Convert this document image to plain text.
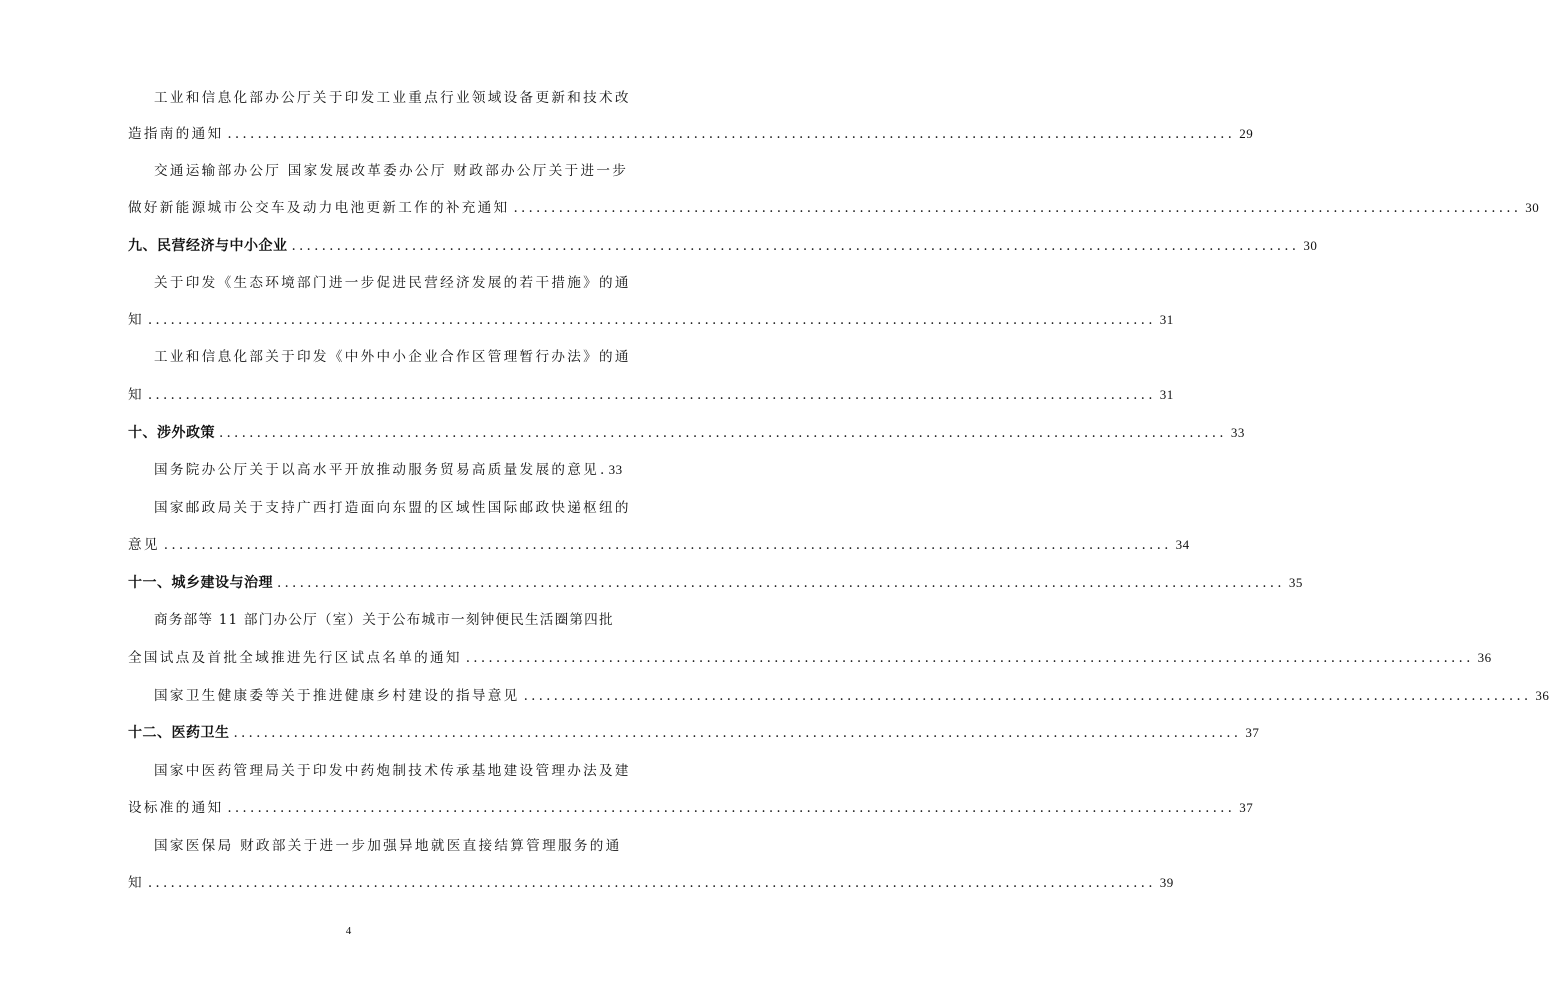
工业和信息化部办公厅关于印发工业重点行业领域设备更新和技术改
造指南的通知 ...................................................................................................................................... 29
交通运输部办公厅 国家发展改革委办公厅 财政部办公厅关于进一步
做好新能源城市公交车及动力电池更新工作的补充通知 ...................................................................................................................................... 30
九、民营经济与中小企业 ...................................................................................................................................... 30
关于印发《生态环境部门进一步促进民营经济发展的若干措施》的通
知 ...................................................................................................................................... 31
工业和信息化部关于印发《中外中小企业合作区管理暂行办法》的通
知 ...................................................................................................................................... 31
十、涉外政策 ...................................................................................................................................... 33
国务院办公厅关于以高水平开放推动服务贸易高质量发展的意见 . 33
国家邮政局关于支持广西打造面向东盟的区域性国际邮政快递枢纽的
意见 ...................................................................................................................................... 34
十一、城乡建设与治理 ...................................................................................................................................... 35
商务部等 11 部门办公厅（室）关于公布城市一刻钟便民生活圈第四批
全国试点及首批全域推进先行区试点名单的通知 ...................................................................................................................................... 36
国家卫生健康委等关于推进健康乡村建设的指导意见 ...................................................................................................................................... 36
十二、医药卫生 ...................................................................................................................................... 37
国家中医药管理局关于印发中药炮制技术传承基地建设管理办法及建
设标准的通知 ...................................................................................................................................... 37
国家医保局 财政部关于进一步加强异地就医直接结算管理服务的通
知 ...................................................................................................................................... 39
4
